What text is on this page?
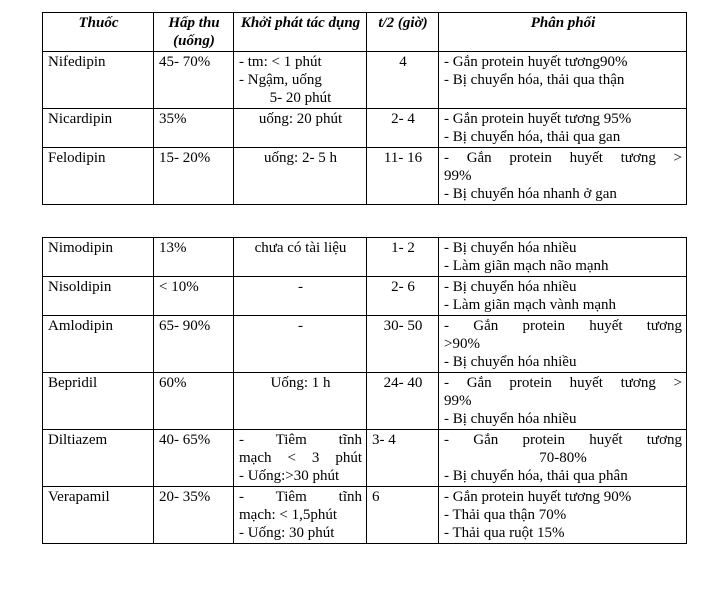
Thuốc	Hấp thu (uống)	Khởi phát tác dụng	t/2 (giờ)	Phân phối
Nifedipin	45- 70%	- tm: < 1 phút
- Ngậm, uống
5- 20 phút	4	- Gắn protein huyết tương90%
- Bị chuyển hóa, thải qua thận

Nicardipin	35%	uống: 20 phút	2- 4	- Gắn protein huyết tương 95%
- Bị chuyển hóa, thải qua gan

Felodipin	15- 20%	uống: 2- 5 h	11- 16	- Gắn protein huyết tương >
99%
- Bị chuyển hóa nhanh ở gan
Nimodipin	13%	chưa có tài liệu	1- 2	- Bị chuyển hóa nhiều
- Làm giãn mạch não mạnh

Nisoldipin	< 10%	-	2- 6	- Bị chuyển hóa nhiều
- Làm giãn mạch vành mạnh

Amlodipin	65- 90%	-	30- 50	- Gắn protein huyết tương
>90%
- Bị chuyển hóa nhiều

Bepridil	60%	Uống: 1 h	24- 40	- Gắn protein huyết tương >
99%
- Bị chuyển hóa nhiều

Diltiazem	40- 65%	- Tiêm tĩnh
mạch < 3 phút
- Uống:>30 phút	3- 4	- Gắn protein huyết tương
70-80%
- Bị chuyển hóa, thải qua phân

Verapamil	20- 35%	- Tiêm tĩnh
mạch: < 1,5phút
- Uống: 30 phút	6	- Gắn protein huyết tương 90%
- Thải qua thận 70%
- Thải qua ruột 15%
